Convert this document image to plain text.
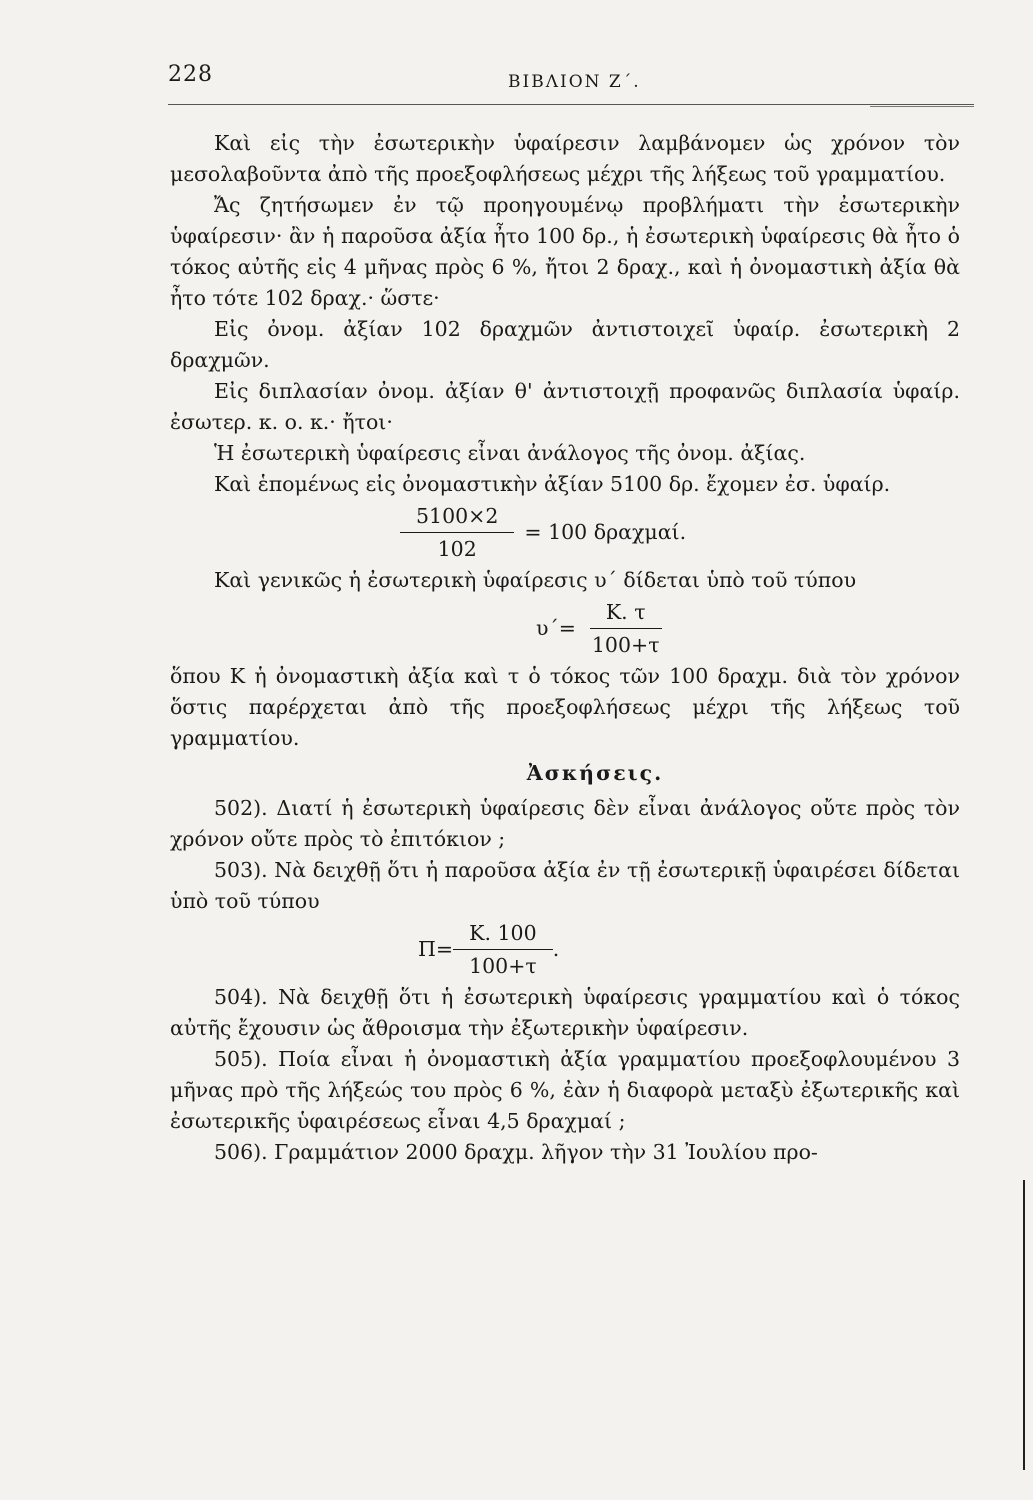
228	ΒΙΒΛΙΟΝ Ζ΄.

Καὶ εἰς τὴν ἐσωτερικὴν ὑφαίρεσιν λαμβάνομεν ὡς χρόνον τὸν μεσολαβοῦντα ἀπὸ τῆς προεξοφλήσεως μέχρι τῆς λήξεως τοῦ γραμματίου.

Ἄς ζητήσωμεν ἐν τῷ προηγουμένῳ προβλήματι τὴν ἐσωτερικὴν ὑφαίρεσιν· ἂν ἡ παροῦσα ἀξία ἦτο 100 δρ., ἡ ἐσωτερικὴ ὑφαίρεσις θὰ ἦτο ὁ τόκος αὐτῆς εἰς 4 μῆνας πρὸς 6 %, ἤτοι 2 δραχ., καὶ ἡ ὀνομαστικὴ ἀξία θὰ ἦτο τότε 102 δραχ.· ὥστε·

Εἰς ὀνομ. ἀξίαν 102 δραχμῶν ἀντιστοιχεῖ ὑφαίρ. ἐσωτερικὴ 2 δραχμῶν.

Εἰς διπλασίαν ὀνομ. ἀξίαν θ' ἀντιστοιχῇ προφανῶς διπλασία ὑφαίρ. ἐσωτερ. κ. ο. κ.· ἤτοι·

Ἡ ἐσωτερικὴ ὑφαίρεσις εἶναι ἀνάλογος τῆς ὀνομ. ἀξίας.

Καὶ ἑπομένως εἰς ὀνομαστικὴν ἀξίαν 5100 δρ. ἔχομεν ἐσ. ὑφαίρ.

$\frac{5100\times 2}{102} = 100$ δραχμαί.

Καὶ γενικῶς ἡ ἐσωτερικὴ ὑφαίρεσις υ΄ δίδεται ὑπὸ τοῦ τύπου

$\upsilon΄= \frac{K. \tau}{100+\tau}$

ὅπου K ἡ ὀνομαστικὴ ἀξία καὶ τ ὁ τόκος τῶν 100 δραχμ. διὰ τὸν χρόνον ὅστις παρέρχεται ἀπὸ τῆς προεξοφλήσεως μέχρι τῆς λήξεως τοῦ γραμματίου.

Ἀσκήσεις.

502). Διατί ἡ ἐσωτερικὴ ὑφαίρεσις δὲν εἶναι ἀνάλογος οὔτε πρὸς τὸν χρόνον οὔτε πρὸς τὸ ἐπιτόκιον ;

503). Νὰ δειχθῇ ὅτι ἡ παροῦσα ἀξία ἐν τῇ ἐσωτερικῇ ὑφαιρέσει δίδεται ὑπὸ τοῦ τύπου

$\Pi= \frac{K. 100}{100+\tau}$ .

504). Νὰ δειχθῇ ὅτι ἡ ἐσωτερικὴ ὑφαίρεσις γραμματίου καὶ ὁ τόκος αὐτῆς ἔχουσιν ὡς ἄθροισμα τὴν ἐξωτερικὴν ὑφαίρεσιν.

505). Ποία εἶναι ἡ ὀνομαστικὴ ἀξία γραμματίου προεξοφλουμένου 3 μῆνας πρὸ τῆς λήξεώς του πρὸς 6 %, ἐὰν ἡ διαφορὰ μεταξὺ ἐξωτερικῆς καὶ ἐσωτερικῆς ὑφαιρέσεως εἶναι 4,5 δραχμαί ;

506). Γραμμάτιον 2000 δραχμ. λῆγον τὴν 31 Ἰουλίου προ-
